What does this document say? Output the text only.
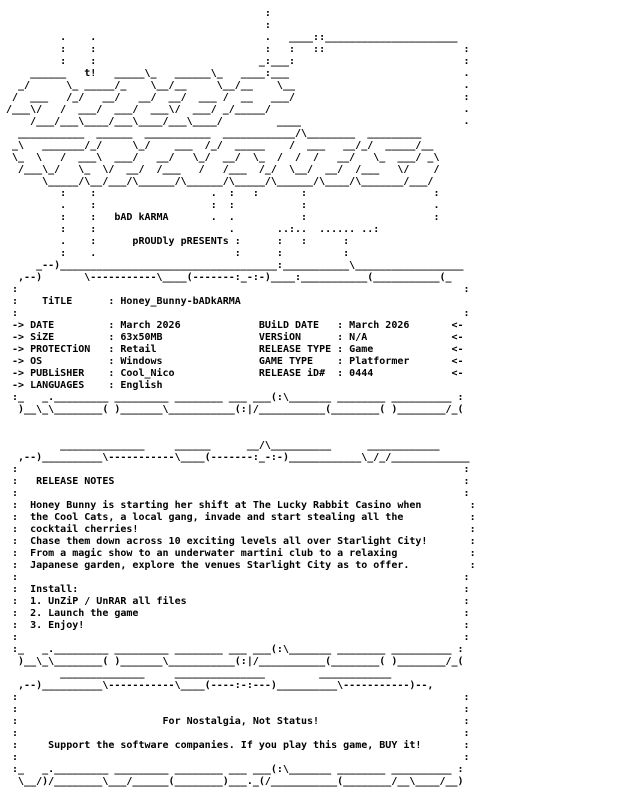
:
:
.    .                            .   ____::______________________
:    :                            :   :   ::                       :
:    :                           _:___:                            :
______   t!   _____\_   ______\_   ____:___                             .
_/      \_ _____/_    \__/__     \__/__    \__                            .
/  ___   /_/   __/   __/  __/  ___ /  __   ___/                            :
/___\/   /  ___/  ___/  ___\/  ___/ _/_____/                                .
/___/___\____/___\____/___\____/         ____                           .
___________  ______  ___________  ____________/\________  _________
_\   _______/_/     \_/    ___  /_/  _____    /  ___   __/_/  _____/__
\_  \   /  ___\  ___/   __/   \_/  __/  \_  /  /  /   __/   \_  ___/ _\
/___\_/   \_  \/  __/  /___   /   /___  /_/  \__/  __/  /___   \/    /
\_____/\__/___/\______/\______/\_____/\______/\____/\_______/___/
:    :                   .  :   :       :                     :
.    :                   :  :           :                     .
:    :   bAD kARMA       .  .           :                     :
:    :                      .       ..:..  ...... ..:
.    :      pROUDly pRESENTs :      :   :      :
:    .                       :      :          :
_--)____________________________________:___________\__________________
,--)       \-----------\____(-------:_-:-)____:___________(___________(_
:                                                                          :
:    TiTLE      : Honey_Bunny-bADkARMA
:                                                                          :
-> DATE         : March 2026             BUiLD DATE   : March 2026       <-
-> SiZE         : 63x50MB                VERSiON      : N/A              <-
-> PROTECTiON   : Retail                 RELEASE TYPE : Game             <-
-> OS           : Windows                GAME TYPE    : Platformer       <-
-> PUBLiSHER    : Cool_Nico              RELEASE iD#  : 0444             <-
-> LANGUAGES    : English
:_   _._________ _________ ________ ___ ___(:\_______ ________ __________ :
)__\_\________( )_______\___________(:|/___________(________( )________/_(

______________     ______      __/\__________      ____________
,--)__________\-----------\____(-------:_-:-)____________\_/_/_____________
:                                                                          :
:   RELEASE NOTES                                                          :
:                                                                          :
:  Honey Bunny is starting her shift at The Lucky Rabbit Casino when        :
:  the Cool Cats, a local gang, invade and start stealing all the           :
:  cocktail cherries!                                                       :
:  Chase them down across 10 exciting levels all over Starlight City!       :
:  From a magic show to an underwater martini club to a relaxing            :
:  Japanese garden, explore the venues Starlight City as to offer.          :
:                                                                          :
:  Install:                                                                :
:  1. UnZiP / UnRAR all files                                              :
:  2. Launch the game                                                      :
:  3. Enjoy!                                                               :
:                                                                          :
:_   _._________ _________ ________ ___ ___(:\_______ ________ __________ :
)__\_\________( )_______\___________(:|/___________(________( )________/_(
______________     _______________         ____________
,--)__________\-----------\____(----:-:---)__________\-----------)--,
:                                                                          :
:                                                                          :
:                        For Nostalgia, Not Status!                        :
:                                                                          :
:     Support the software companies. If you play this game, BUY it!       :
:                                                                          :
:_   _._________ _________ ________ ___ ___(:\_______ ________ __________ :
\__/)/________\___/______(________)___._(/___________(________/__\____/__)
